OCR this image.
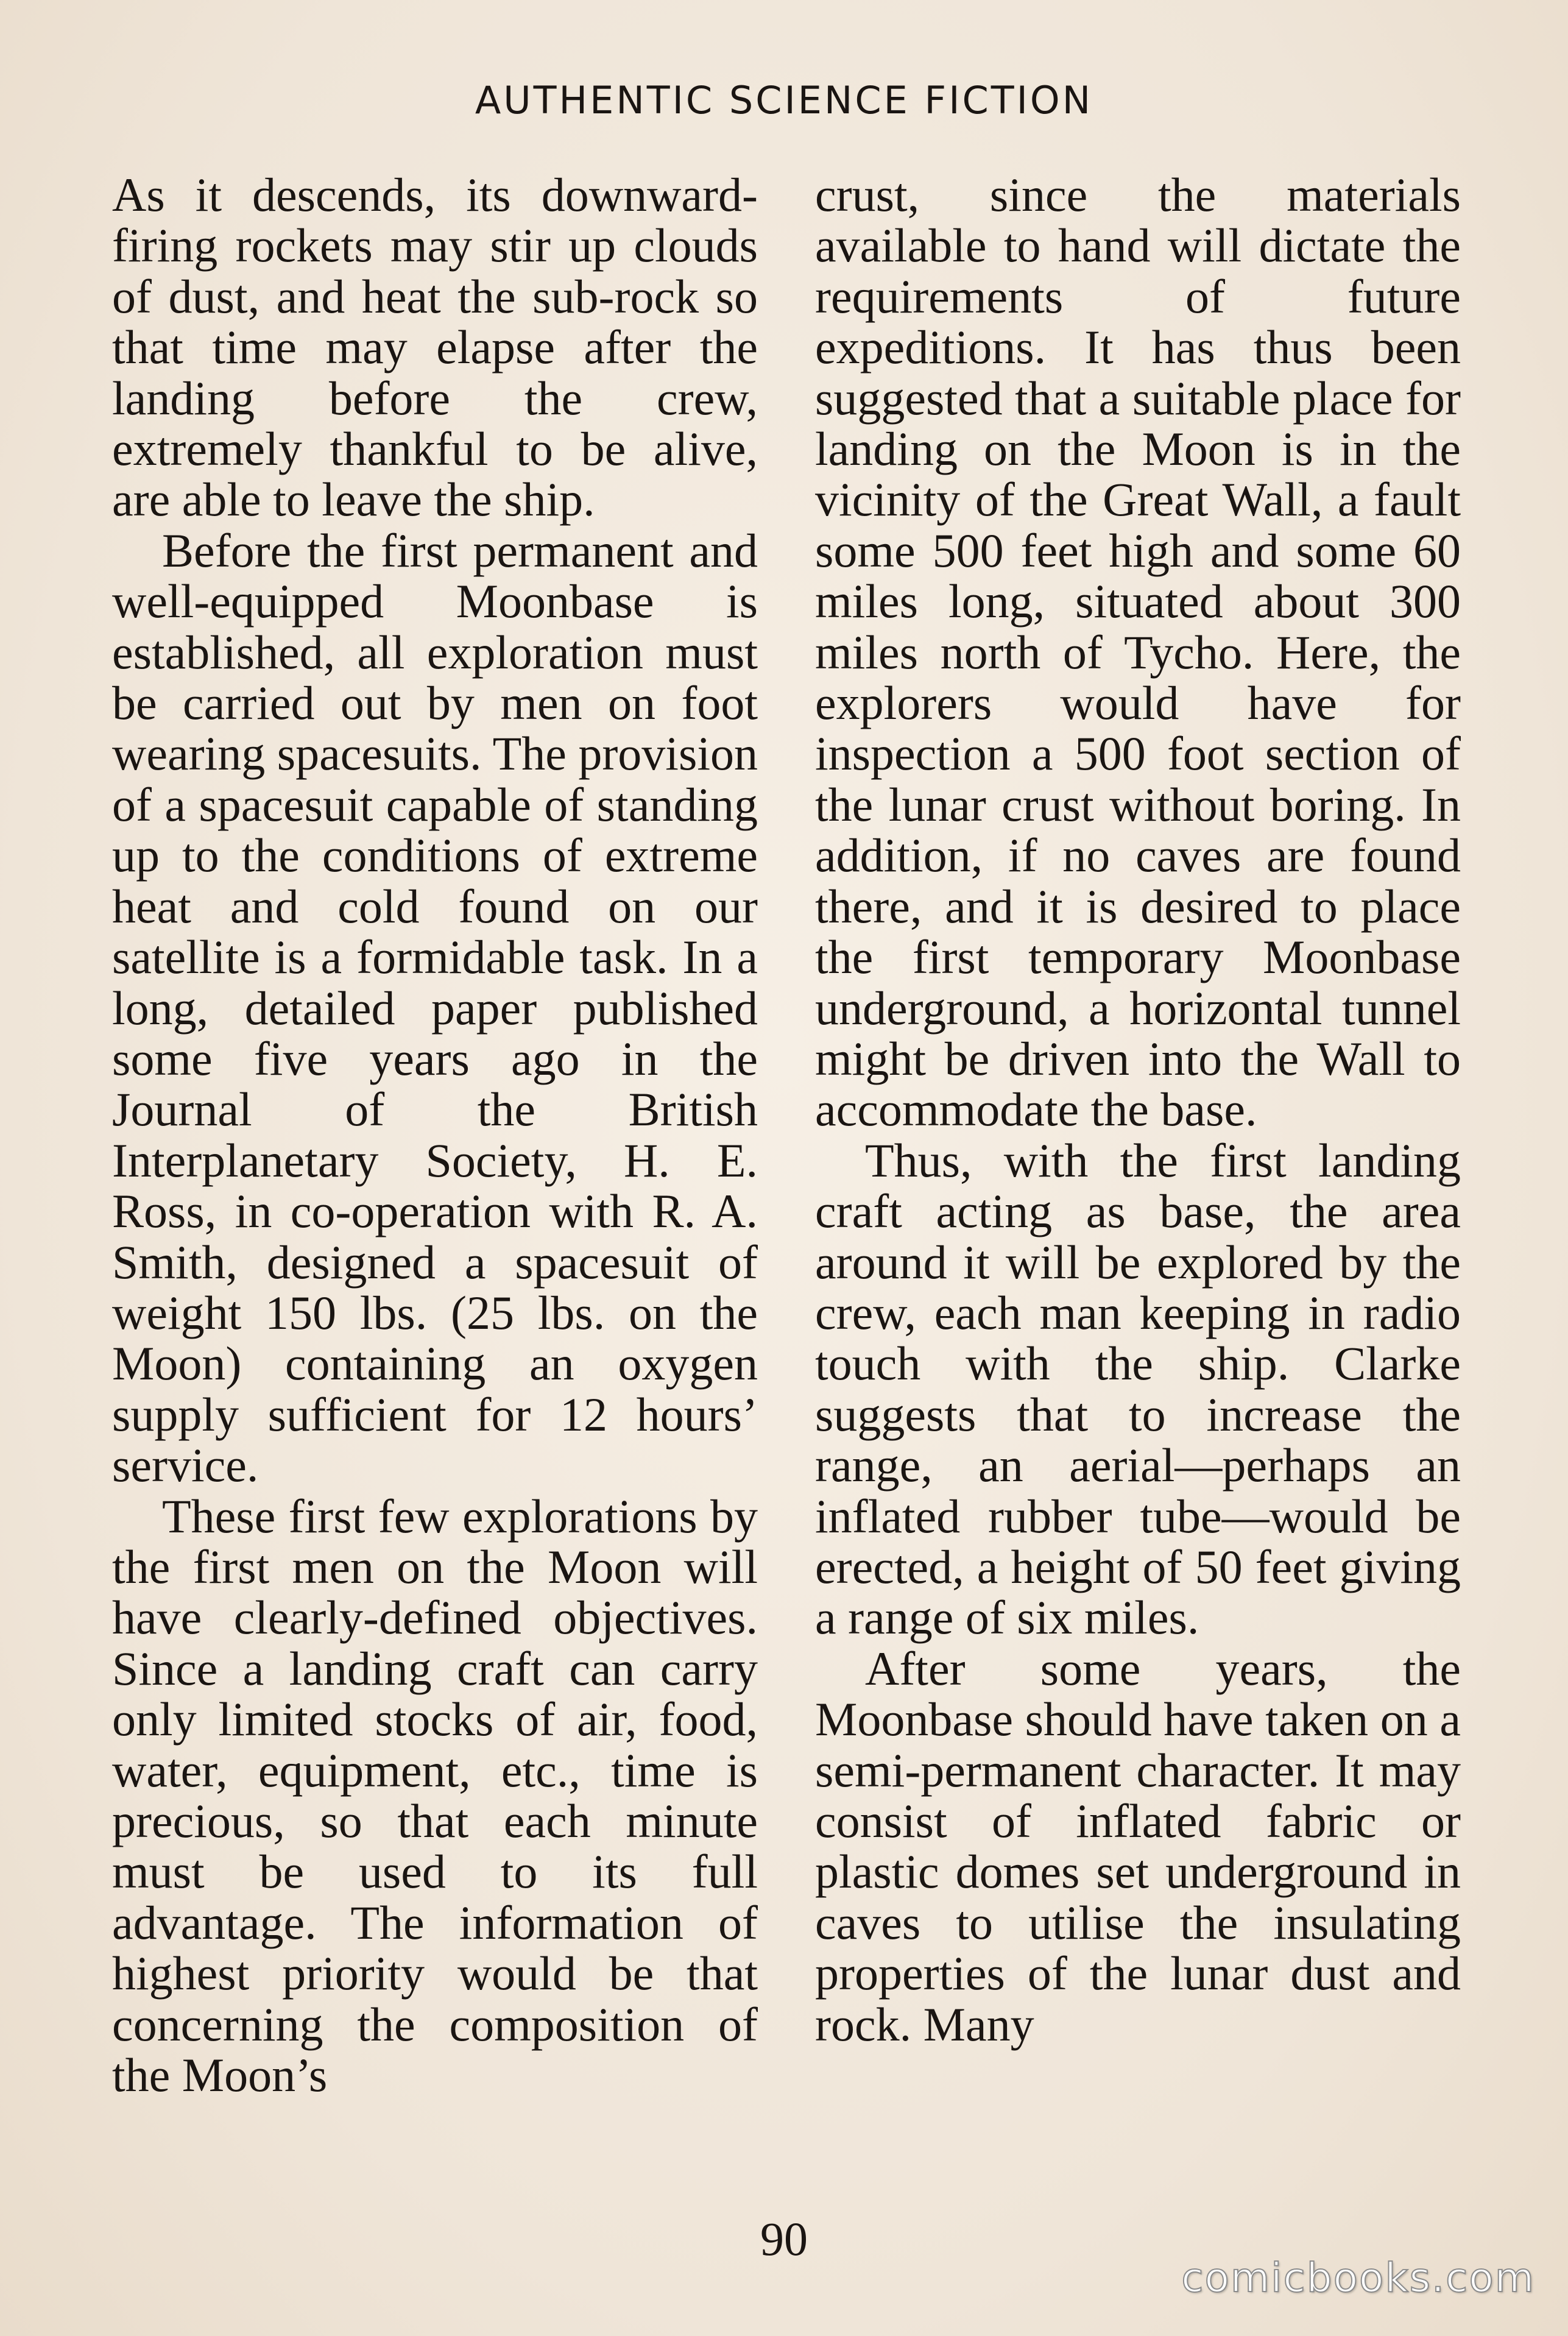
AUTHENTIC SCIENCE FICTION

As it descends, its downward-firing rockets may stir up clouds of dust, and heat the sub-rock so that time may elapse after the landing before the crew, extremely thankful to be alive, are able to leave the ship.

Before the first permanent and well-equipped Moonbase is established, all exploration must be carried out by men on foot wearing spacesuits. The provision of a spacesuit capable of standing up to the conditions of extreme heat and cold found on our satellite is a formidable task. In a long, detailed paper published some five years ago in the Journal of the British Interplanetary Society, H. E. Ross, in co-operation with R. A. Smith, designed a spacesuit of weight 150 lbs. (25 lbs. on the Moon) containing an oxygen supply sufficient for 12 hours’ service.

These first few explorations by the first men on the Moon will have clearly-defined objectives. Since a landing craft can carry only limited stocks of air, food, water, equipment, etc., time is precious, so that each minute must be used to its full advantage. The information of highest priority would be that concerning the composition of the Moon’s

crust, since the materials available to hand will dictate the requirements of future expeditions. It has thus been suggested that a suitable place for landing on the Moon is in the vicinity of the Great Wall, a fault some 500 feet high and some 60 miles long, situated about 300 miles north of Tycho. Here, the explorers would have for inspection a 500 foot section of the lunar crust without boring. In addition, if no caves are found there, and it is desired to place the first temporary Moonbase underground, a horizontal tunnel might be driven into the Wall to accommodate the base.

Thus, with the first landing craft acting as base, the area around it will be explored by the crew, each man keeping in radio touch with the ship. Clarke suggests that to increase the range, an aerial—perhaps an inflated rubber tube—would be erected, a height of 50 feet giving a range of six miles.

After some years, the Moonbase should have taken on a semi-permanent character. It may consist of inflated fabric or plastic domes set underground in caves to utilise the insulating properties of the lunar dust and rock. Many

90
comicbooks.com
